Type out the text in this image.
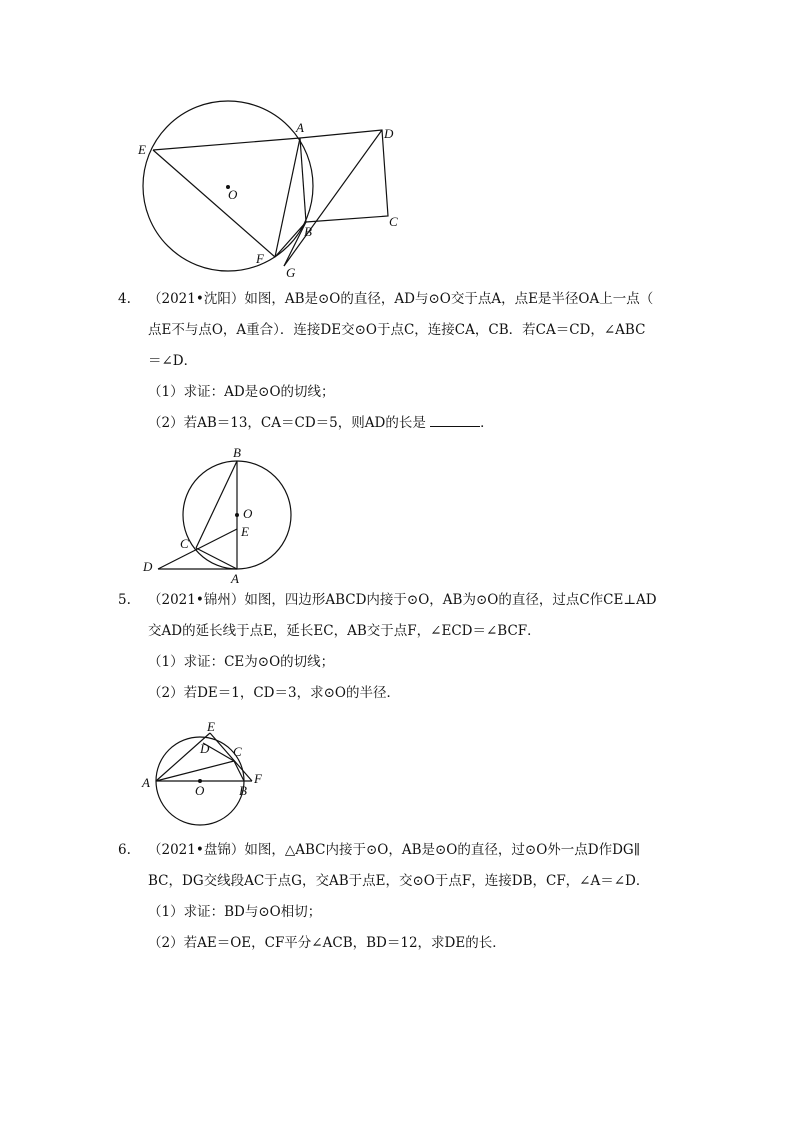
E
A	D
C
B
F
G
O
4. （2021•沈阳）如图，AB是⊙O的直径，AD与⊙O交于点A，点E是半径OA上一点（
点E不与点O，A重合）．连接DE交⊙O于点C，连接CA，CB．若CA＝CD，∠ABC
＝∠D．
（1）求证：AD是⊙O的切线；
（2）若AB＝13，CA＝CD＝5，则AD的长是	．
B
O
E
C
D
A
5. （2021•锦州）如图，四边形ABCD内接于⊙O，AB为⊙O的直径，过点C作CE⊥AD
交AD的延长线于点E，延长EC，AB交于点F，∠ECD＝∠BCF．
（1）求证：CE为⊙O的切线；
（2）若DE＝1，CD＝3，求⊙O的半径．
E
D C
A
O	B
F
6. （2021•盘锦）如图，△ABC内接于⊙O，AB是⊙O的直径，过⊙O外一点D作DG∥
BC，DG交线段AC于点G，交AB于点E，交⊙O于点F，连接DB，CF，∠A＝∠D．
（1）求证：BD与⊙O相切；
（2）若AE＝OE，CF平分∠ACB，BD＝12，求DE的长．
